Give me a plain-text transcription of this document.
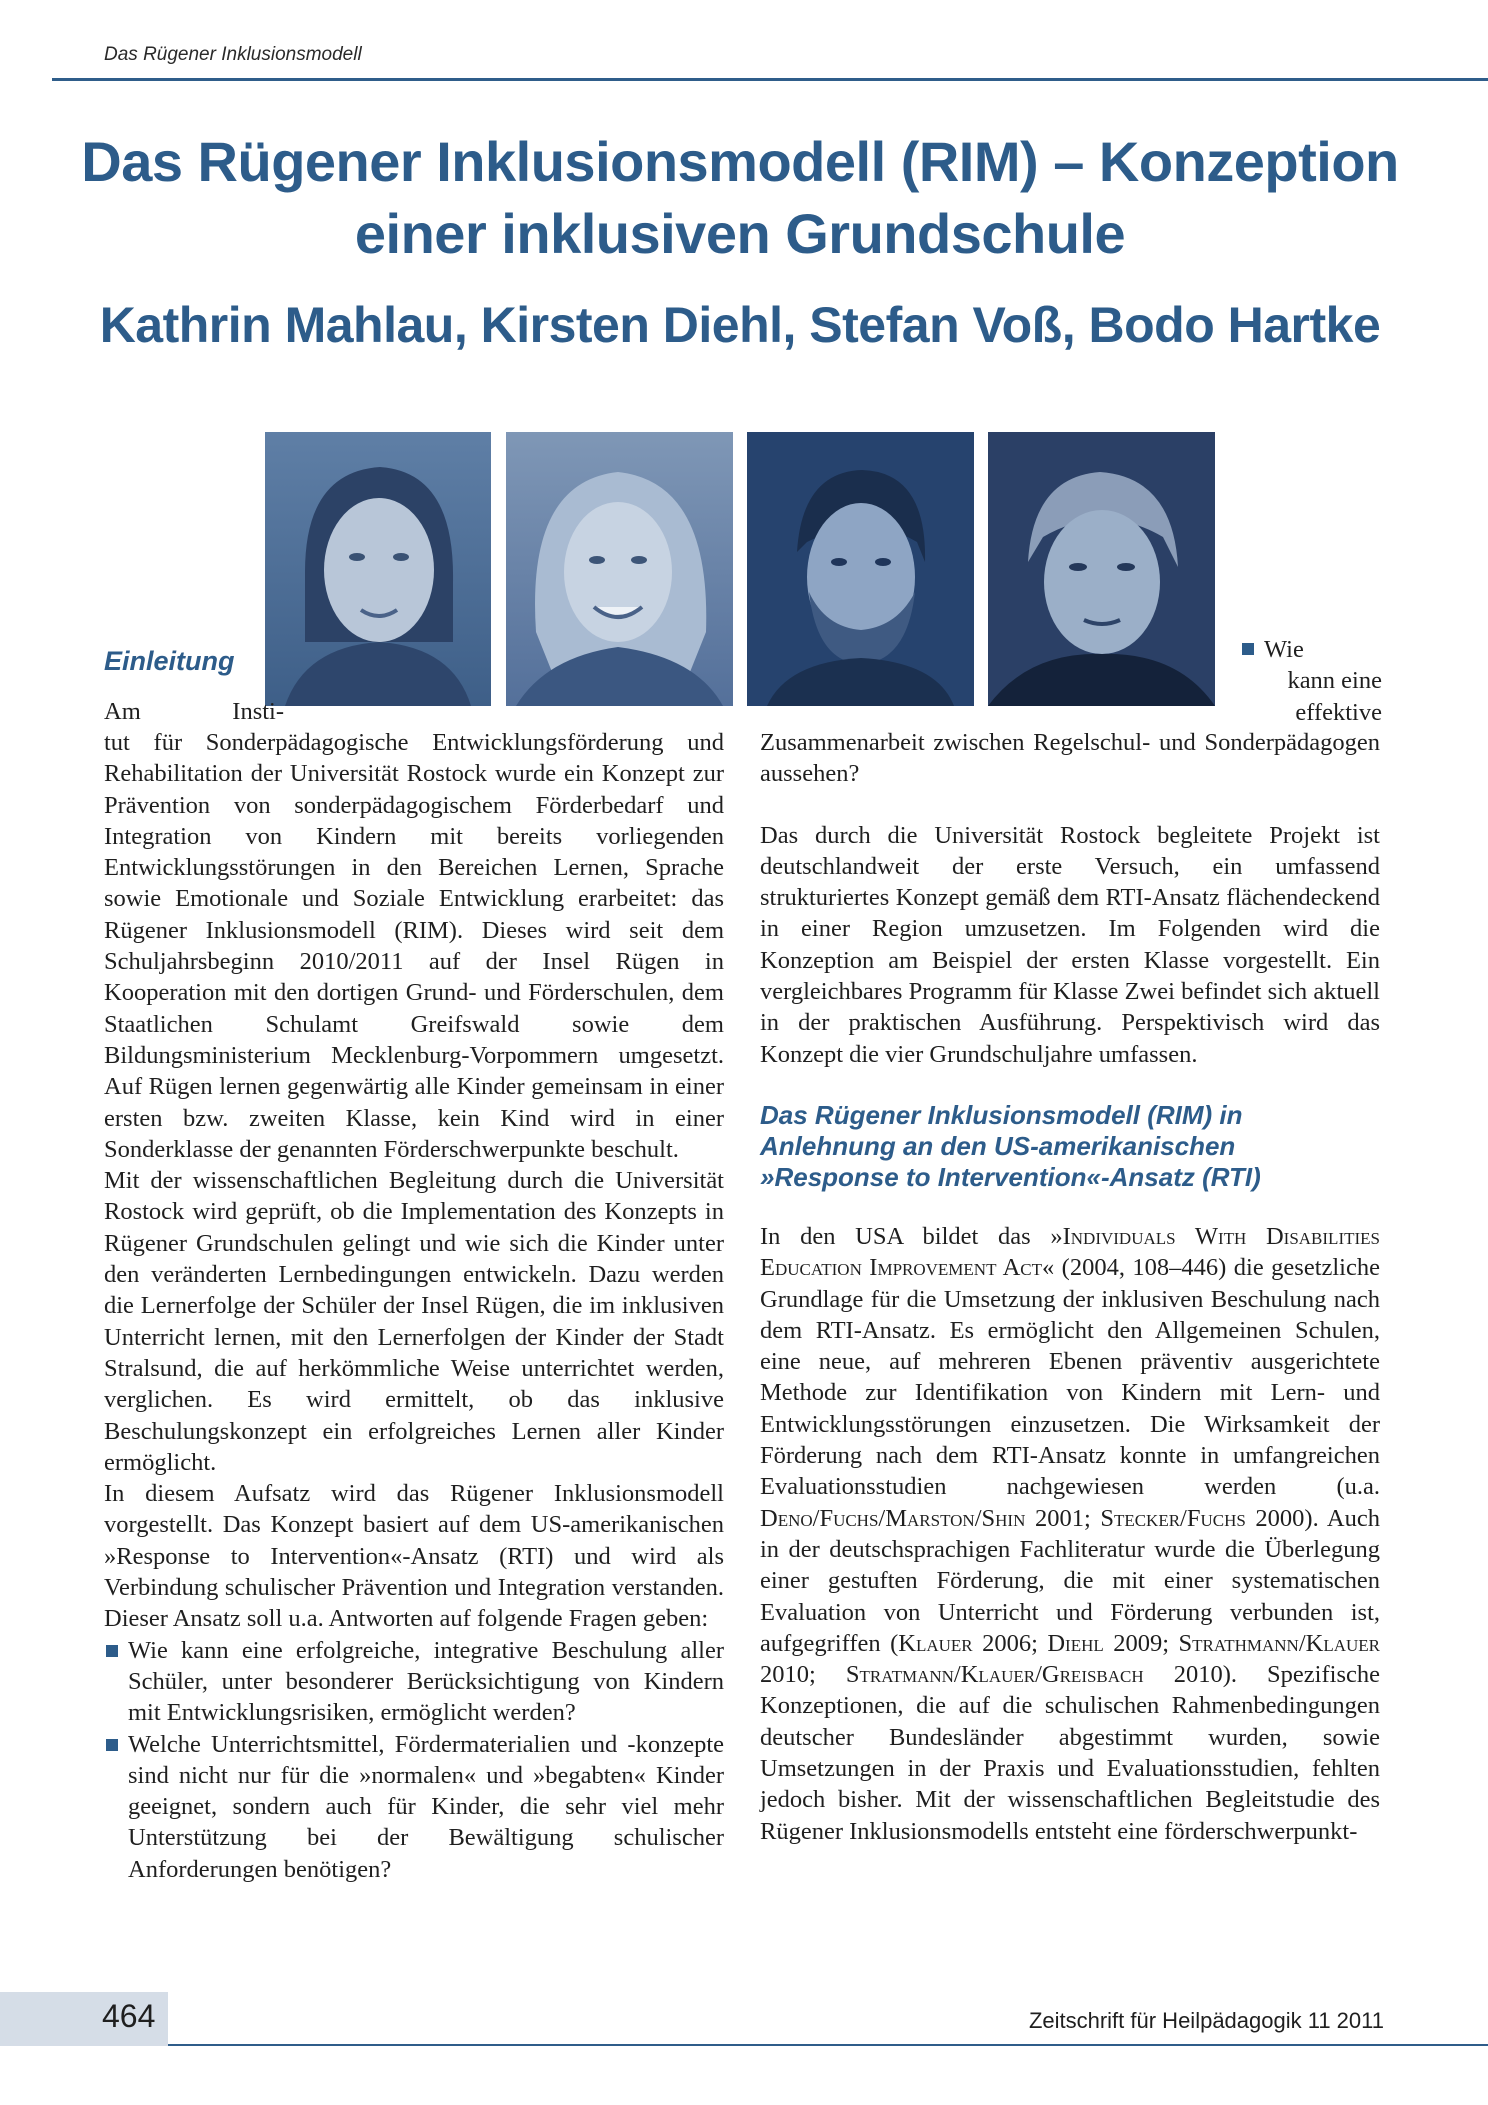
Das Rügener Inklusionsmodell
Das Rügener Inklusionsmodell (RIM) – Konzeption einer inklusiven Grundschule
Kathrin Mahlau, Kirsten Diehl, Stefan Voß, Bodo Hartke
Einleitung
Am Insti-

tut für Sonderpädagogische Entwicklungsförderung und Rehabilitation der Universität Rostock wurde ein Konzept zur Prävention von sonderpädagogischem Förderbedarf und Integration von Kindern mit bereits vorliegenden Entwicklungsstörungen in den Bereichen Lernen, Sprache sowie Emotionale und Soziale Entwicklung erarbeitet: das Rügener Inklusionsmodell (RIM). Dieses wird seit dem Schuljahrsbeginn 2010/2011 auf der Insel Rügen in Kooperation mit den dortigen Grund- und Förderschulen, dem Staatlichen Schulamt Greifswald sowie dem Bildungsministerium Mecklenburg-Vorpommern umgesetzt. Auf Rügen lernen gegenwärtig alle Kinder gemeinsam in einer ersten bzw. zweiten Klasse, kein Kind wird in einer Sonderklasse der genannten Förderschwerpunkte beschult.

Mit der wissenschaftlichen Begleitung durch die Universität Rostock wird geprüft, ob die Implementation des Konzepts in Rügener Grundschulen gelingt und wie sich die Kinder unter den veränderten Lernbedingungen entwickeln. Dazu werden die Lernerfolge der Schüler der Insel Rügen, die im inklusiven Unterricht lernen, mit den Lernerfolgen der Kinder der Stadt Stralsund, die auf herkömmliche Weise unterrichtet werden, verglichen. Es wird ermittelt, ob das inklusive Beschulungskonzept ein erfolgreiches Lernen aller Kinder ermöglicht.

In diesem Aufsatz wird das Rügener Inklusionsmodell vorgestellt. Das Konzept basiert auf dem US-amerikanischen »Response to Intervention«-Ansatz (RTI) und wird als Verbindung schulischer Prävention und Integration verstanden. Dieser Ansatz soll u.a. Antworten auf folgende Fragen geben:

Wie kann eine erfolgreiche, integrative Beschulung aller Schüler, unter besonderer Berücksichtigung von Kindern mit Entwicklungsrisiken, ermöglicht werden?
Welche Unterrichtsmittel, Fördermaterialien und -konzepte sind nicht nur für die »normalen« und »begabten« Kinder geeignet, sondern auch für Kinder, die sehr viel mehr Unterstützung bei der Bewältigung schulischer Anforderungen benötigen?
Wie

kann eine
effektive

Zusammenarbeit zwischen Regelschul- und Sonderpädagogen aussehen?

Das durch die Universität Rostock begleitete Projekt ist deutschlandweit der erste Versuch, ein umfassend strukturiertes Konzept gemäß dem RTI-Ansatz flächendeckend in einer Region umzusetzen. Im Folgenden wird die Konzeption am Beispiel der ersten Klasse vorgestellt. Ein vergleichbares Programm für Klasse Zwei befindet sich aktuell in der praktischen Ausführung. Perspektivisch wird das Konzept die vier Grundschuljahre umfassen.

Das Rügener Inklusionsmodell (RIM) in Anlehnung an den US-amerikanischen »Response to Intervention«-Ansatz (RTI)

In den USA bildet das »Individuals With Disabilities Education Improvement Act« (2004, 108–446) die gesetzliche Grundlage für die Umsetzung der inklusiven Beschulung nach dem RTI-Ansatz. Es ermöglicht den Allgemeinen Schulen, eine neue, auf mehreren Ebenen präventiv ausgerichtete Methode zur Identifikation von Kindern mit Lern- und Entwicklungsstörungen einzusetzen. Die Wirksamkeit der Förderung nach dem RTI-Ansatz konnte in umfangreichen Evaluationsstudien nachgewiesen werden (u.a. Deno/Fuchs/Marston/Shin 2001; Stecker/Fuchs 2000). Auch in der deutschsprachigen Fachliteratur wurde die Überlegung einer gestuften Förderung, die mit einer systematischen Evaluation von Unterricht und Förderung verbunden ist, aufgegriffen (Klauer 2006; Diehl 2009; Strathmann/Klauer 2010; Stratmann/Klauer/Greisbach 2010). Spezifische Konzeptionen, die auf die schulischen Rahmenbedingungen deutscher Bundesländer abgestimmt wurden, sowie Umsetzungen in der Praxis und Evaluationsstudien, fehlten jedoch bisher. Mit der wissenschaftlichen Begleitstudie des Rügener Inklusionsmodells entsteht eine förderschwerpunkt-

464	Zeitschrift für Heilpädagogik 11 2011
